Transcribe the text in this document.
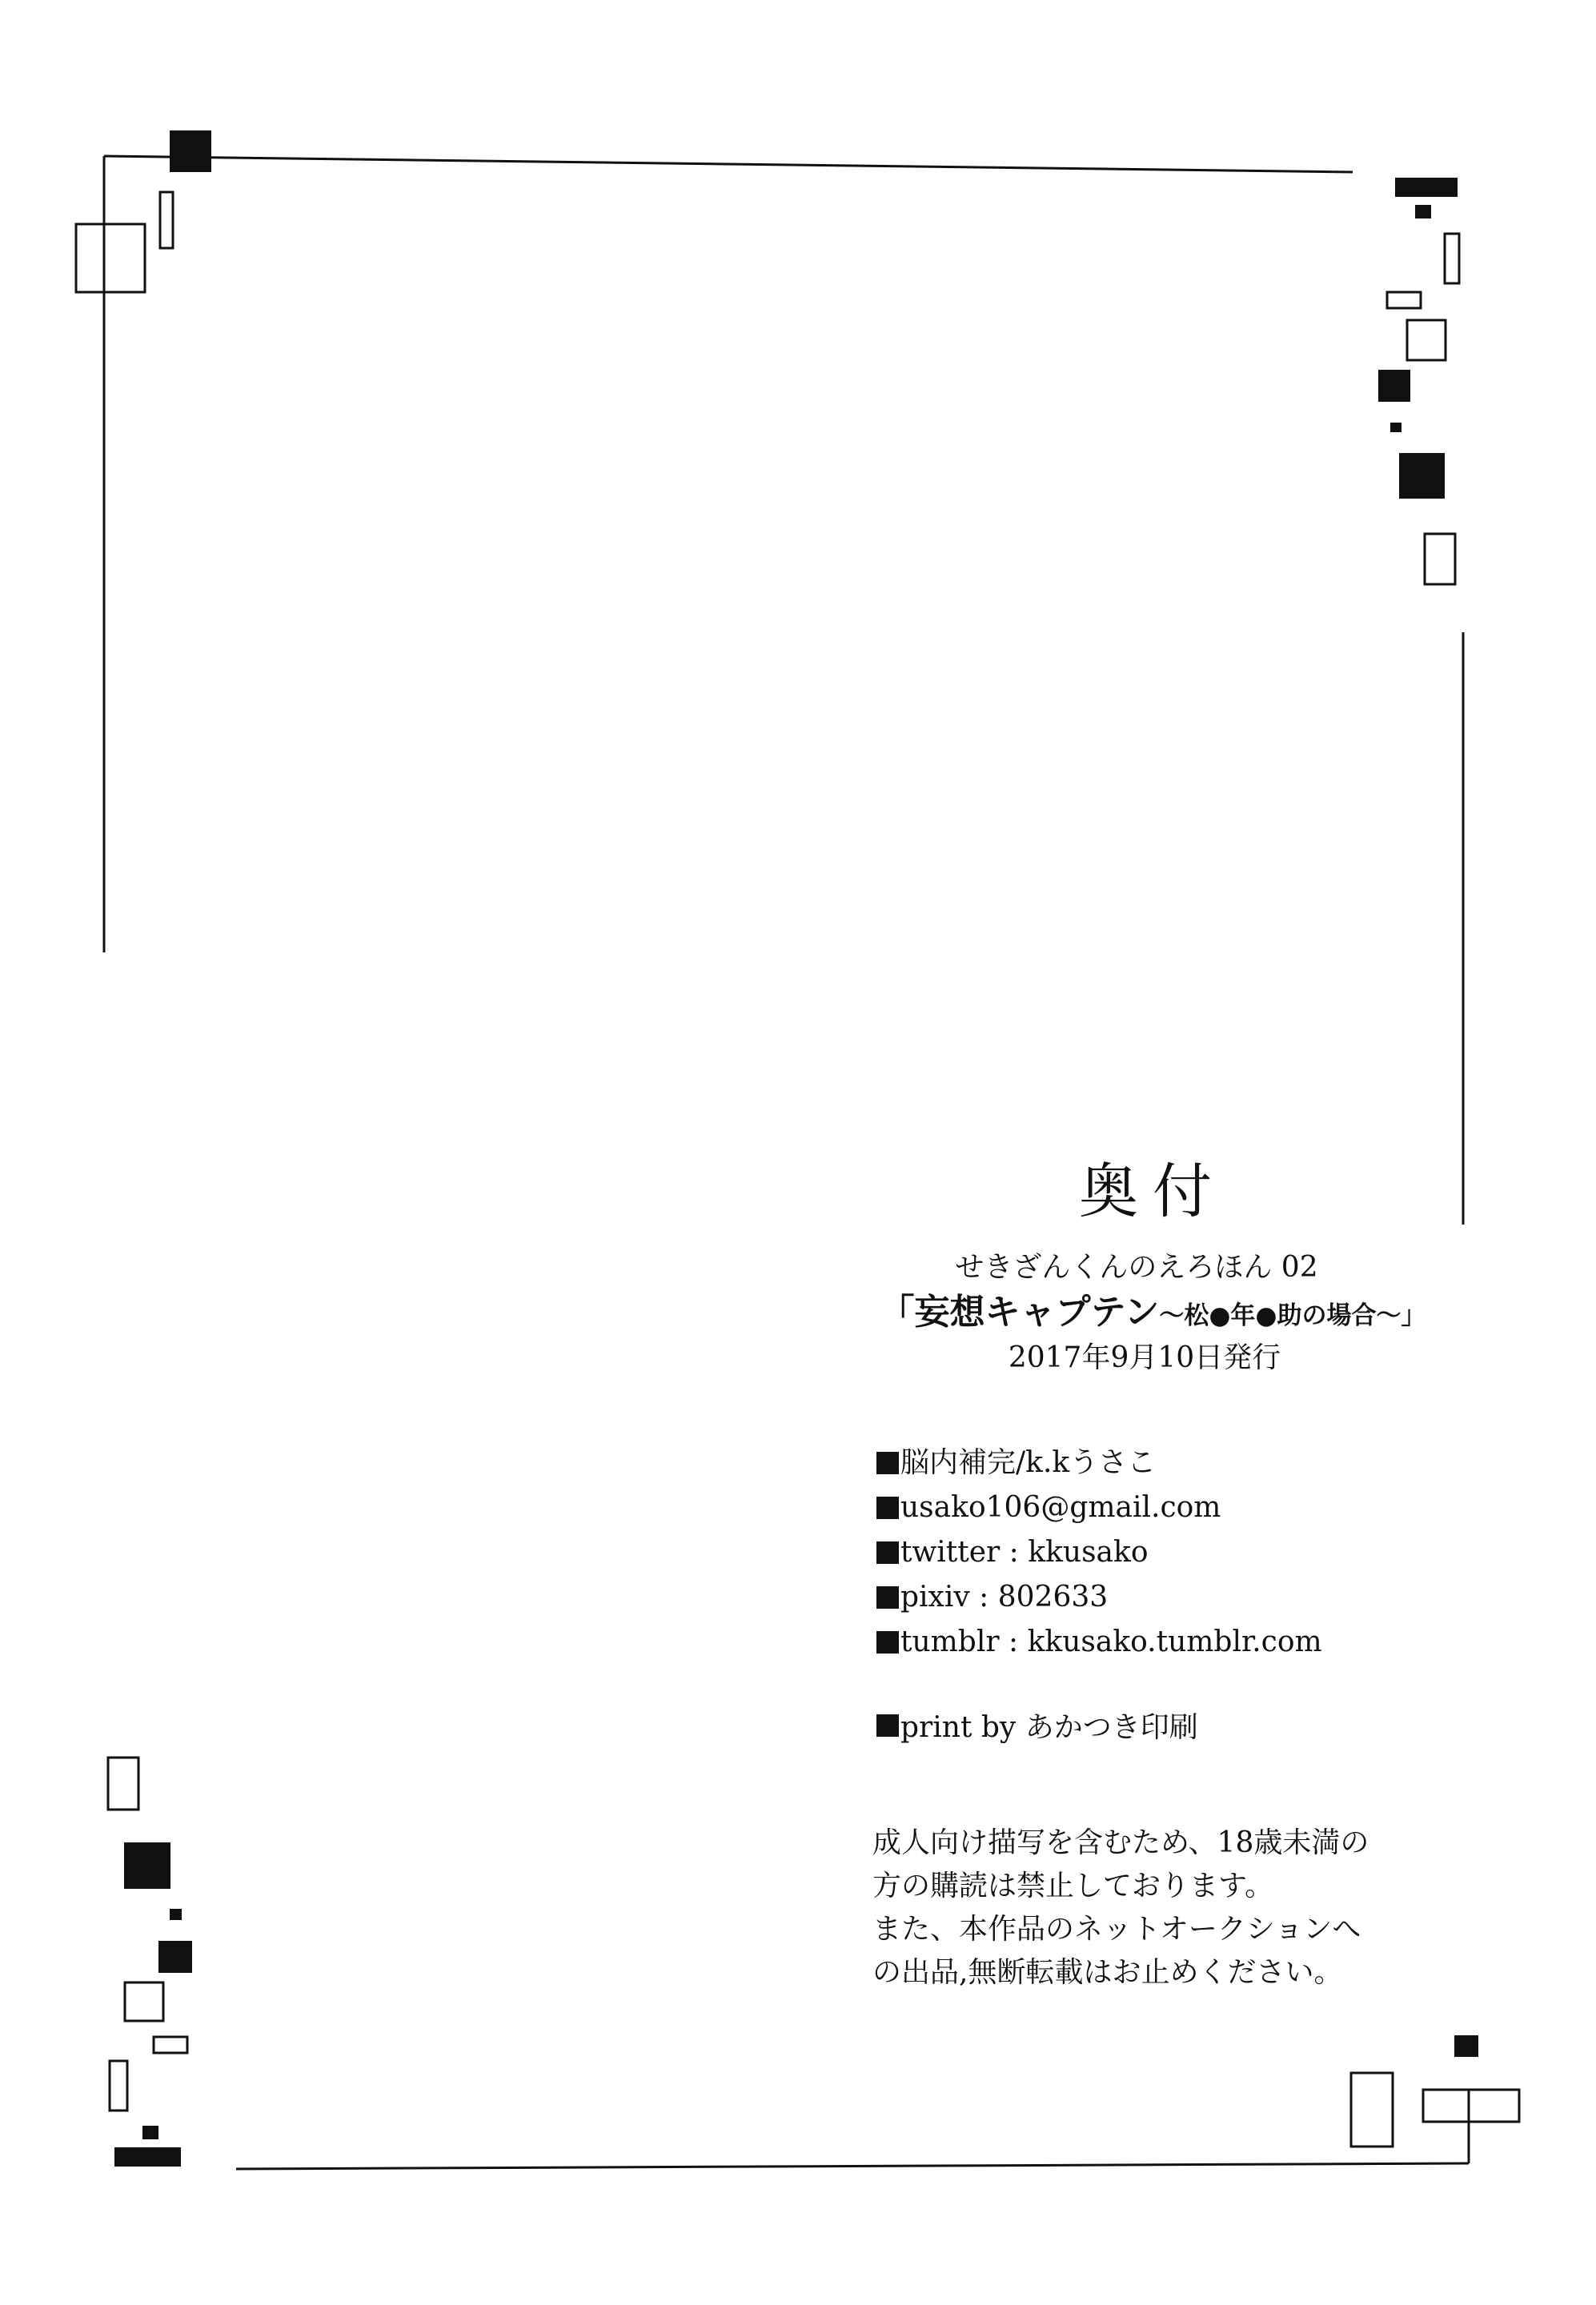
奥付
せきざんくんのえろほん 02
「妄想キャプテン〜松●年●助の場合〜」
2017年9月10日発行
脳内補完/k.kうさこ
usako106@gmail.com
twitter : kkusako
pixiv : 802633
tumblr : kkusako.tumblr.com
print by あかつき印刷
成人向け描写を含むため、18歳未満の
方の購読は禁止しております。
また、本作品のネットオークションへ
の出品,無断転載はお止めください。
